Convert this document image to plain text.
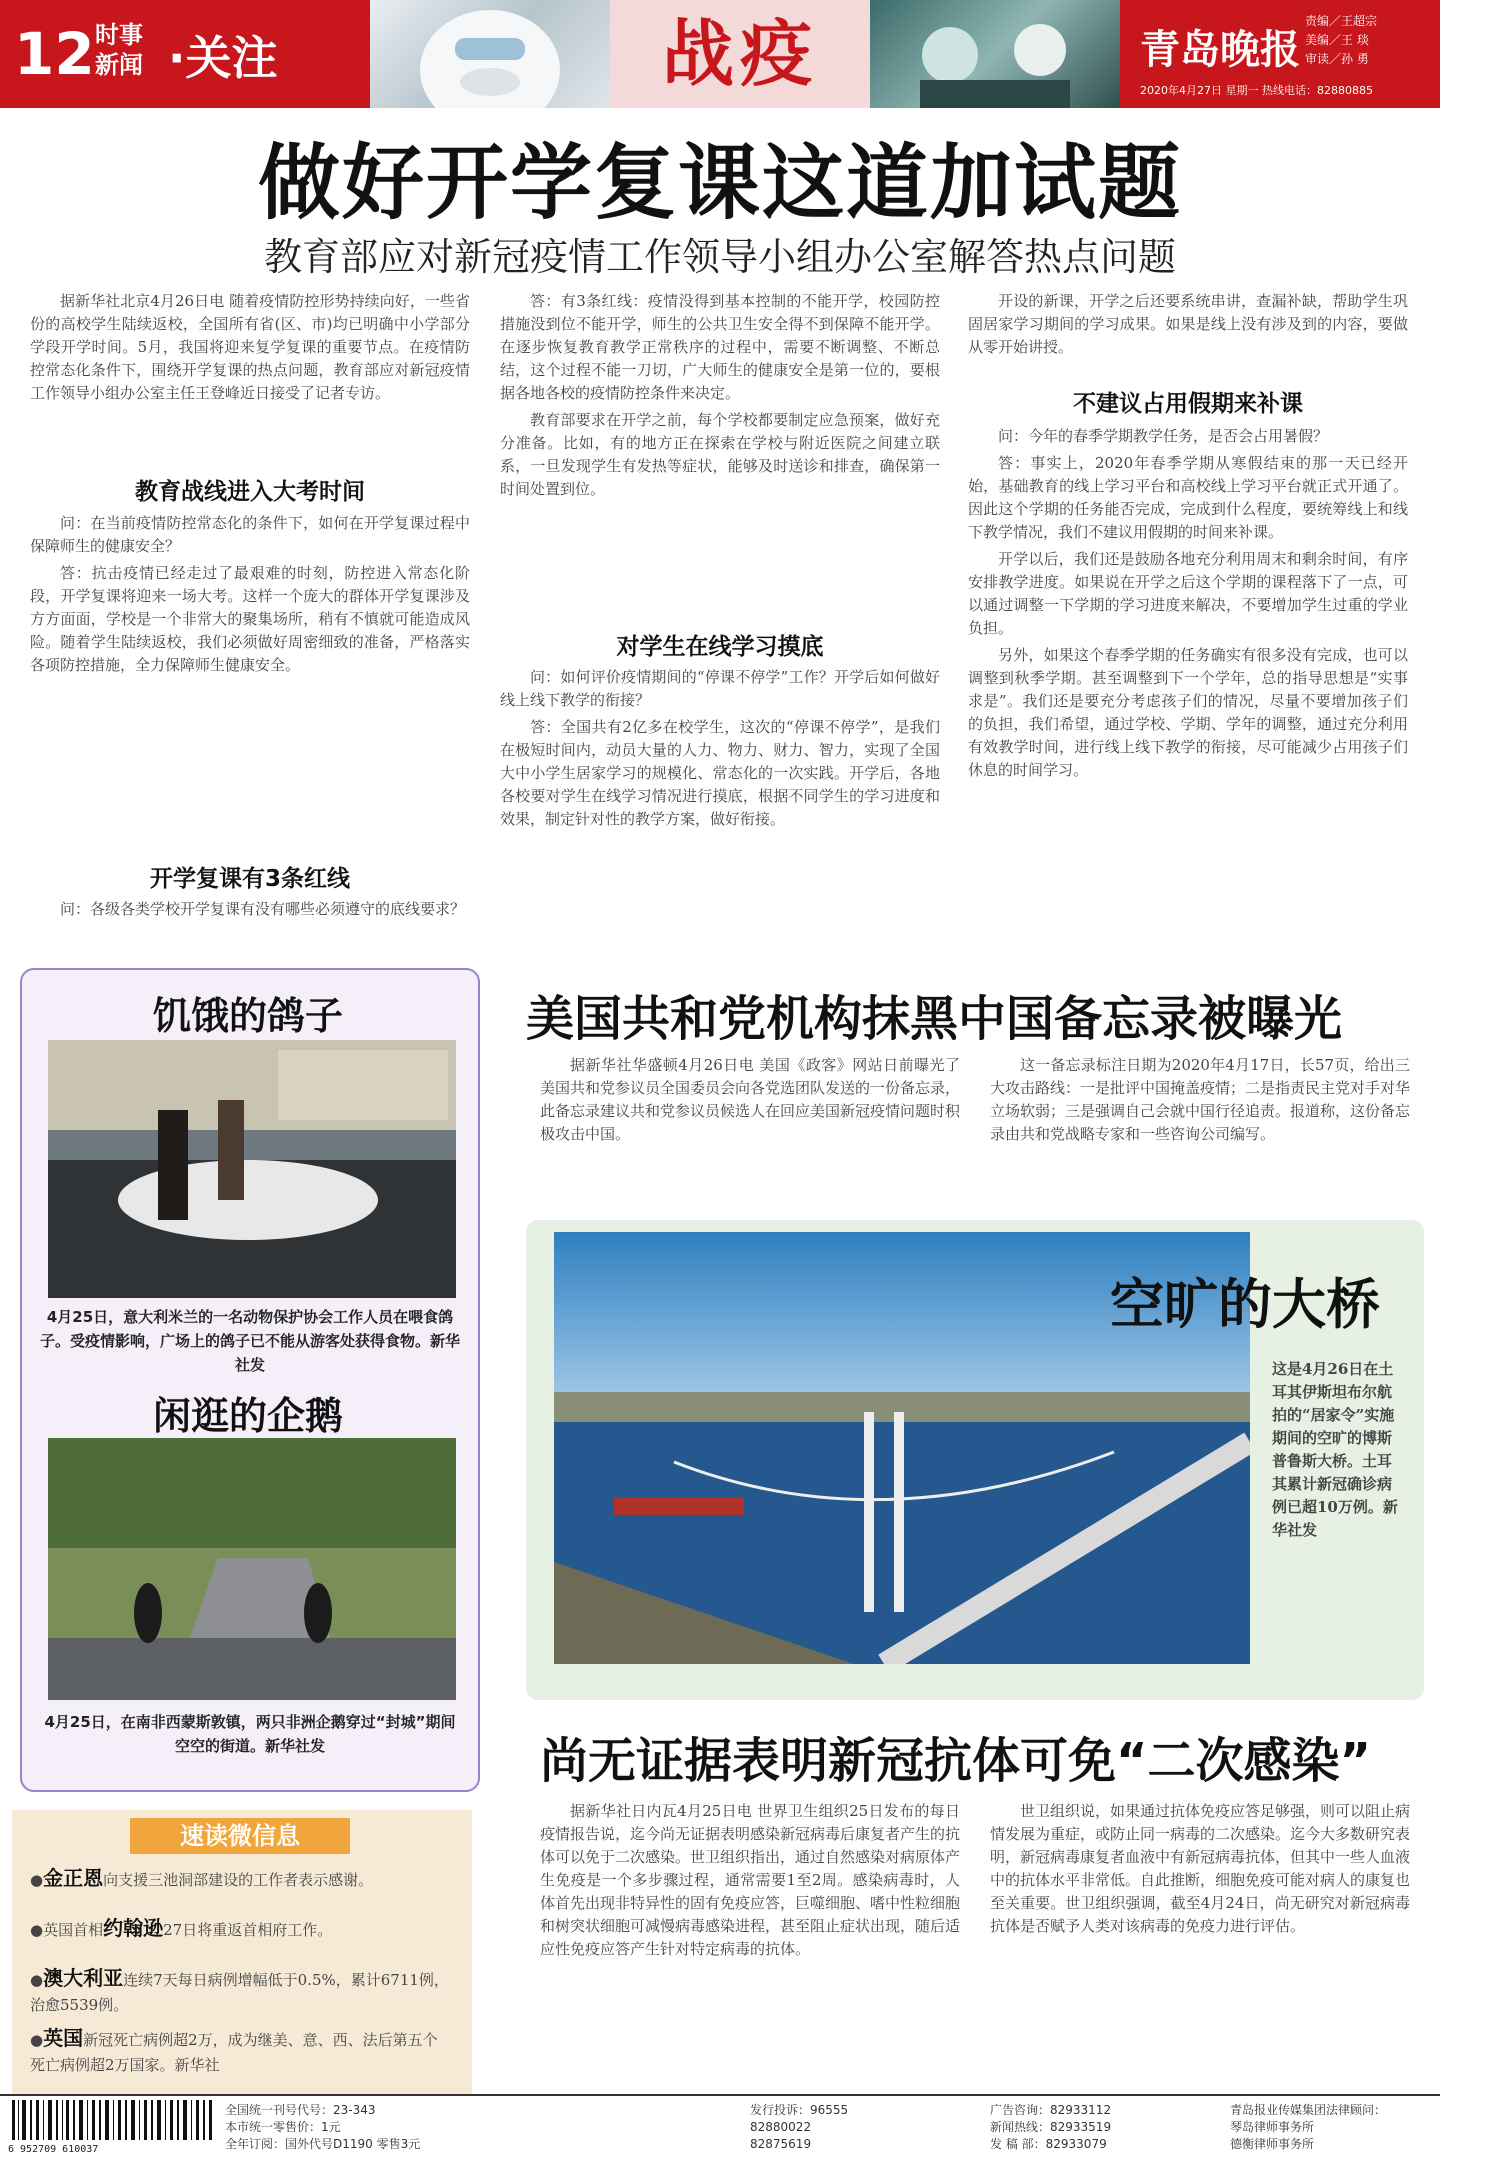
12 时事新闻 ·关注	战疫	青岛晚报
责编／王超宗
美编／王 琰
审读／孙 勇
2020年4月27日 星期一 热线电话：82880885
做好开学复课这道加试题
教育部应对新冠疫情工作领导小组办公室解答热点问题

据新华社北京4月26日电 随着疫情防控形势持续向好，一些省份的高校学生陆续返校，全国所有省(区、市)均已明确中小学部分学段开学时间。5月，我国将迎来复学复课的重要节点。在疫情防控常态化条件下，围绕开学复课的热点问题，教育部应对新冠疫情工作领导小组办公室主任王登峰近日接受了记者专访。

教育战线进入大考时间

问：在当前疫情防控常态化的条件下，如何在开学复课过程中保障师生的健康安全？

答：抗击疫情已经走过了最艰难的时刻，防控进入常态化阶段，开学复课将迎来一场大考。这样一个庞大的群体开学复课涉及方方面面，学校是一个非常大的聚集场所，稍有不慎就可能造成风险。随着学生陆续返校，我们必须做好周密细致的准备，严格落实各项防控措施，全力保障师生健康安全。

开学复课有3条红线

问：各级各类学校开学复课有没有哪些必须遵守的底线要求？

答：有3条红线：疫情没得到基本控制的不能开学，校园防控措施没到位不能开学，师生的公共卫生安全得不到保障不能开学。在逐步恢复教育教学正常秩序的过程中，需要不断调整、不断总结，这个过程不能一刀切，广大师生的健康安全是第一位的，要根据各地各校的疫情防控条件来决定。

教育部要求在开学之前，每个学校都要制定应急预案，做好充分准备。比如，有的地方正在探索在学校与附近医院之间建立联系，一旦发现学生有发热等症状，能够及时送诊和排查，确保第一时间处置到位。

对学生在线学习摸底

问：如何评价疫情期间的“停课不停学”工作？开学后如何做好线上线下教学的衔接？

答：全国共有2亿多在校学生，这次的“停课不停学”，是我们在极短时间内，动员大量的人力、物力、财力、智力，实现了全国大中小学生居家学习的规模化、常态化的一次实践。开学后，各地各校要对学生在线学习情况进行摸底，根据不同学生的学习进度和效果，制定针对性的教学方案，做好衔接。

开设的新课，开学之后还要系统串讲，查漏补缺，帮助学生巩固居家学习期间的学习成果。如果是线上没有涉及到的内容，要做从零开始讲授。

不建议占用假期来补课

问：今年的春季学期教学任务，是否会占用暑假？

答：事实上，2020年春季学期从寒假结束的那一天已经开始，基础教育的线上学习平台和高校线上学习平台就正式开通了。因此这个学期的任务能否完成，完成到什么程度，要统筹线上和线下教学情况，我们不建议用假期的时间来补课。

开学以后，我们还是鼓励各地充分利用周末和剩余时间，有序安排教学进度。如果说在开学之后这个学期的课程落下了一点，可以通过调整一下学期的学习进度来解决，不要增加学生过重的学业负担。

另外，如果这个春季学期的任务确实有很多没有完成，也可以调整到秋季学期。甚至调整到下一个学年，总的指导思想是“实事求是”。我们还是要充分考虑孩子们的情况，尽量不要增加孩子们的负担，我们希望，通过学校、学期、学年的调整，通过充分利用有效教学时间，进行线上线下教学的衔接，尽可能减少占用孩子们休息的时间学习。

饥饿的鸽子
4月25日，意大利米兰的一名动物保护协会工作人员在喂食鸽子。受疫情影响，广场上的鸽子已不能从游客处获得食物。新华社发
闲逛的企鹅
4月25日，在南非西蒙斯敦镇，两只非洲企鹅穿过“封城”期间空空的街道。新华社发
速读微信息
●金正恩向支援三池洞部建设的工作者表示感谢。
●英国首相约翰逊27日将重返首相府工作。
●澳大利亚连续7天每日病例增幅低于0.5%，累计6711例，治愈5539例。
●英国新冠死亡病例超2万，成为继美、意、西、法后第五个死亡病例超2万国家。新华社
美国共和党机构抹黑中国备忘录被曝光

据新华社华盛顿4月26日电 美国《政客》网站日前曝光了美国共和党参议员全国委员会向各党选团队发送的一份备忘录，此备忘录建议共和党参议员候选人在回应美国新冠疫情问题时积极攻击中国。

这一备忘录标注日期为2020年4月17日，长57页，给出三大攻击路线：一是批评中国掩盖疫情；二是指责民主党对手对华立场软弱；三是强调自己会就中国行径追责。报道称，这份备忘录由共和党战略专家和一些咨询公司编写。

空旷的大桥
这是4月26日在土耳其伊斯坦布尔航拍的“居家令”实施期间的空旷的博斯普鲁斯大桥。土耳其累计新冠确诊病例已超10万例。新华社发
尚无证据表明新冠抗体可免“二次感染”

据新华社日内瓦4月25日电 世界卫生组织25日发布的每日疫情报告说，迄今尚无证据表明感染新冠病毒后康复者产生的抗体可以免于二次感染。世卫组织指出，通过自然感染对病原体产生免疫是一个多步骤过程，通常需要1至2周。感染病毒时，人体首先出现非特异性的固有免疫应答，巨噬细胞、嗜中性粒细胞和树突状细胞可减慢病毒感染进程，甚至阻止症状出现，随后适应性免疫应答产生针对特定病毒的抗体。

世卫组织说，如果通过抗体免疫应答足够强，则可以阻止病情发展为重症，或防止同一病毒的二次感染。迄今大多数研究表明，新冠病毒康复者血液中有新冠病毒抗体，但其中一些人血液中的抗体水平非常低。自此推断，细胞免疫可能对病人的康复也至关重要。世卫组织强调，截至4月24日，尚无研究对新冠病毒抗体是否赋予人类对该病毒的免疫力进行评估。

6 952709 610037
全国统一刊号代号：23-343
本市统一零售价：1元
全年订阅：国外代号D1190 零售3元
发行投诉：96555
82880022
82875619
广告咨询：82933112
新闻热线：82933519
发 稿 部：82933079
青岛报业传媒集团法律顾问：
琴岛律师事务所
德衡律师事务所
